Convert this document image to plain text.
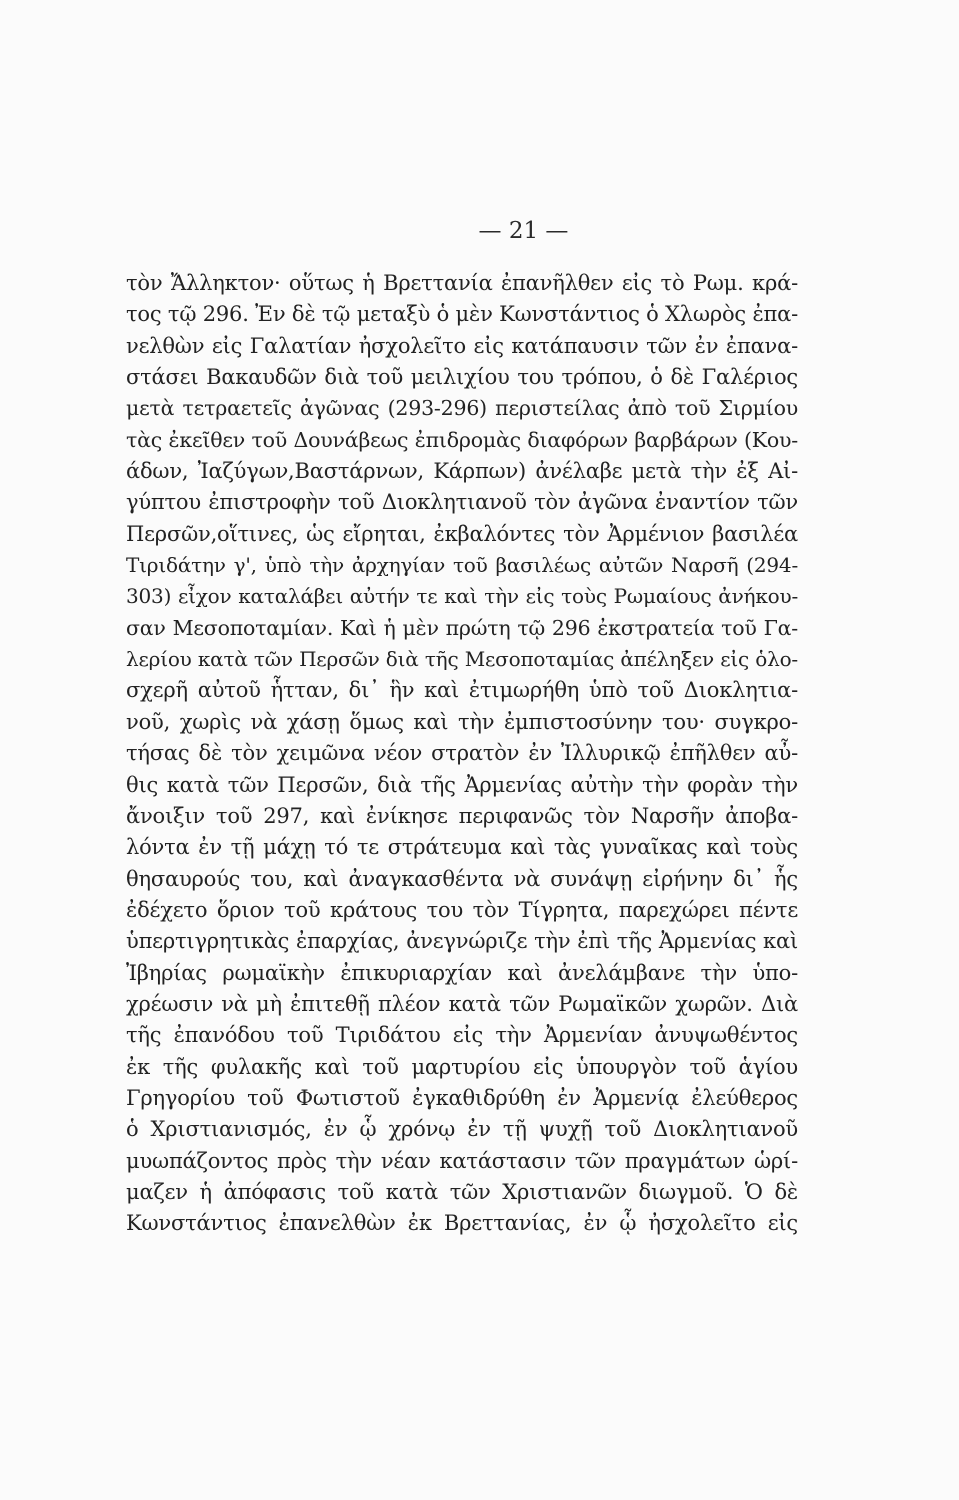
— 21 —
τὸν Ἄλληκτον· οὕτως ἡ Βρεττανία ἐπανῆλθεν εἰς τὸ Ρωμ. κρά-
τος τῷ 296. Ἐν δὲ τῷ μεταξὺ ὁ μὲν Κωνστάντιος ὁ Χλωρὸς ἐπα-
νελθὼν εἰς Γαλατίαν ἠσχολεῖτο εἰς κατάπαυσιν τῶν ἐν ἐπανα-
στάσει Βακαυδῶν διὰ τοῦ μειλιχίου του τρόπου, ὁ δὲ Γαλέριος
μετὰ τετραετεῖς ἀγῶνας (293-296) περιστείλας ἀπὸ τοῦ Σιρμίου
τὰς ἐκεῖθεν τοῦ Δουνάβεως ἐπιδρομὰς διαφόρων βαρβάρων (Κου-
άδων, Ἰαζύγων,Βαστάρνων, Κάρπων) ἀνέλαβε μετὰ τὴν ἐξ Αἰ-
γύπτου ἐπιστροφὴν τοῦ Διοκλητιανοῦ τὸν ἀγῶνα ἐναντίον τῶν
Περσῶν,οἵτινες, ὡς εἴρηται, ἐκβαλόντες τὸν Ἀρμένιον βασιλέα
Τιριδάτην γ', ὑπὸ τὴν ἀρχηγίαν τοῦ βασιλέως αὐτῶν Ναρσῆ (294-
303) εἶχον καταλάβει αὐτήν τε καὶ τὴν εἰς τοὺς Ρωμαίους ἀνήκου-
σαν Μεσοποταμίαν. Καὶ ἡ μὲν πρώτη τῷ 296 ἐκστρατεία τοῦ Γα-
λερίου κατὰ τῶν Περσῶν διὰ τῆς Μεσοποταμίας ἀπέληξεν εἰς ὁλο-
σχερῆ αὐτοῦ ἧτταν, δι᾽ ἣν καὶ ἐτιμωρήθη ὑπὸ τοῦ Διοκλητια-
νοῦ, χωρὶς νὰ χάσῃ ὅμως καὶ τὴν ἐμπιστοσύνην του· συγκρο-
τήσας δὲ τὸν χειμῶνα νέον στρατὸν ἐν Ἰλλυρικῷ ἐπῆλθεν αὖ-
θις κατὰ τῶν Περσῶν, διὰ τῆς Ἀρμενίας αὐτὴν τὴν φορὰν τὴν
ἄνοιξιν τοῦ 297, καὶ ἐνίκησε περιφανῶς τὸν Ναρσῆν ἀποβα-
λόντα ἐν τῇ μάχῃ τό τε στράτευμα καὶ τὰς γυναῖκας καὶ τοὺς
θησαυρούς του, καὶ ἀναγκασθέντα νὰ συνάψῃ εἰρήνην δι᾽ ἧς
ἐδέχετο ὅριον τοῦ κράτους του τὸν Τίγρητα, παρεχώρει πέντε
ὑπερτιγρητικὰς ἐπαρχίας, ἀνεγνώριζε τὴν ἐπὶ τῆς Ἀρμενίας καὶ
Ἰβηρίας ρωμαϊκὴν ἐπικυριαρχίαν καὶ ἀνελάμβανε τὴν ὑπο-
χρέωσιν νὰ μὴ ἐπιτεθῇ πλέον κατὰ τῶν Ρωμαϊκῶν χωρῶν. Διὰ
τῆς ἐπανόδου τοῦ Τιριδάτου εἰς τὴν Ἀρμενίαν ἀνυψωθέντος
ἐκ τῆς φυλακῆς καὶ τοῦ μαρτυρίου εἰς ὑπουργὸν τοῦ ἁγίου
Γρηγορίου τοῦ Φωτιστοῦ ἐγκαθιδρύθη ἐν Ἀρμενίᾳ ἐλεύθερος
ὁ Χριστιανισμός, ἐν ᾧ χρόνῳ ἐν τῇ ψυχῇ τοῦ Διοκλητιανοῦ
μυωπάζοντος πρὸς τὴν νέαν κατάστασιν τῶν πραγμάτων ὡρί-
μαζεν ἡ ἀπόφασις τοῦ κατὰ τῶν Χριστιανῶν διωγμοῦ. Ὁ δὲ
Κωνστάντιος ἐπανελθὼν ἐκ Βρεττανίας, ἐν ᾧ ἠσχολεῖτο εἰς
